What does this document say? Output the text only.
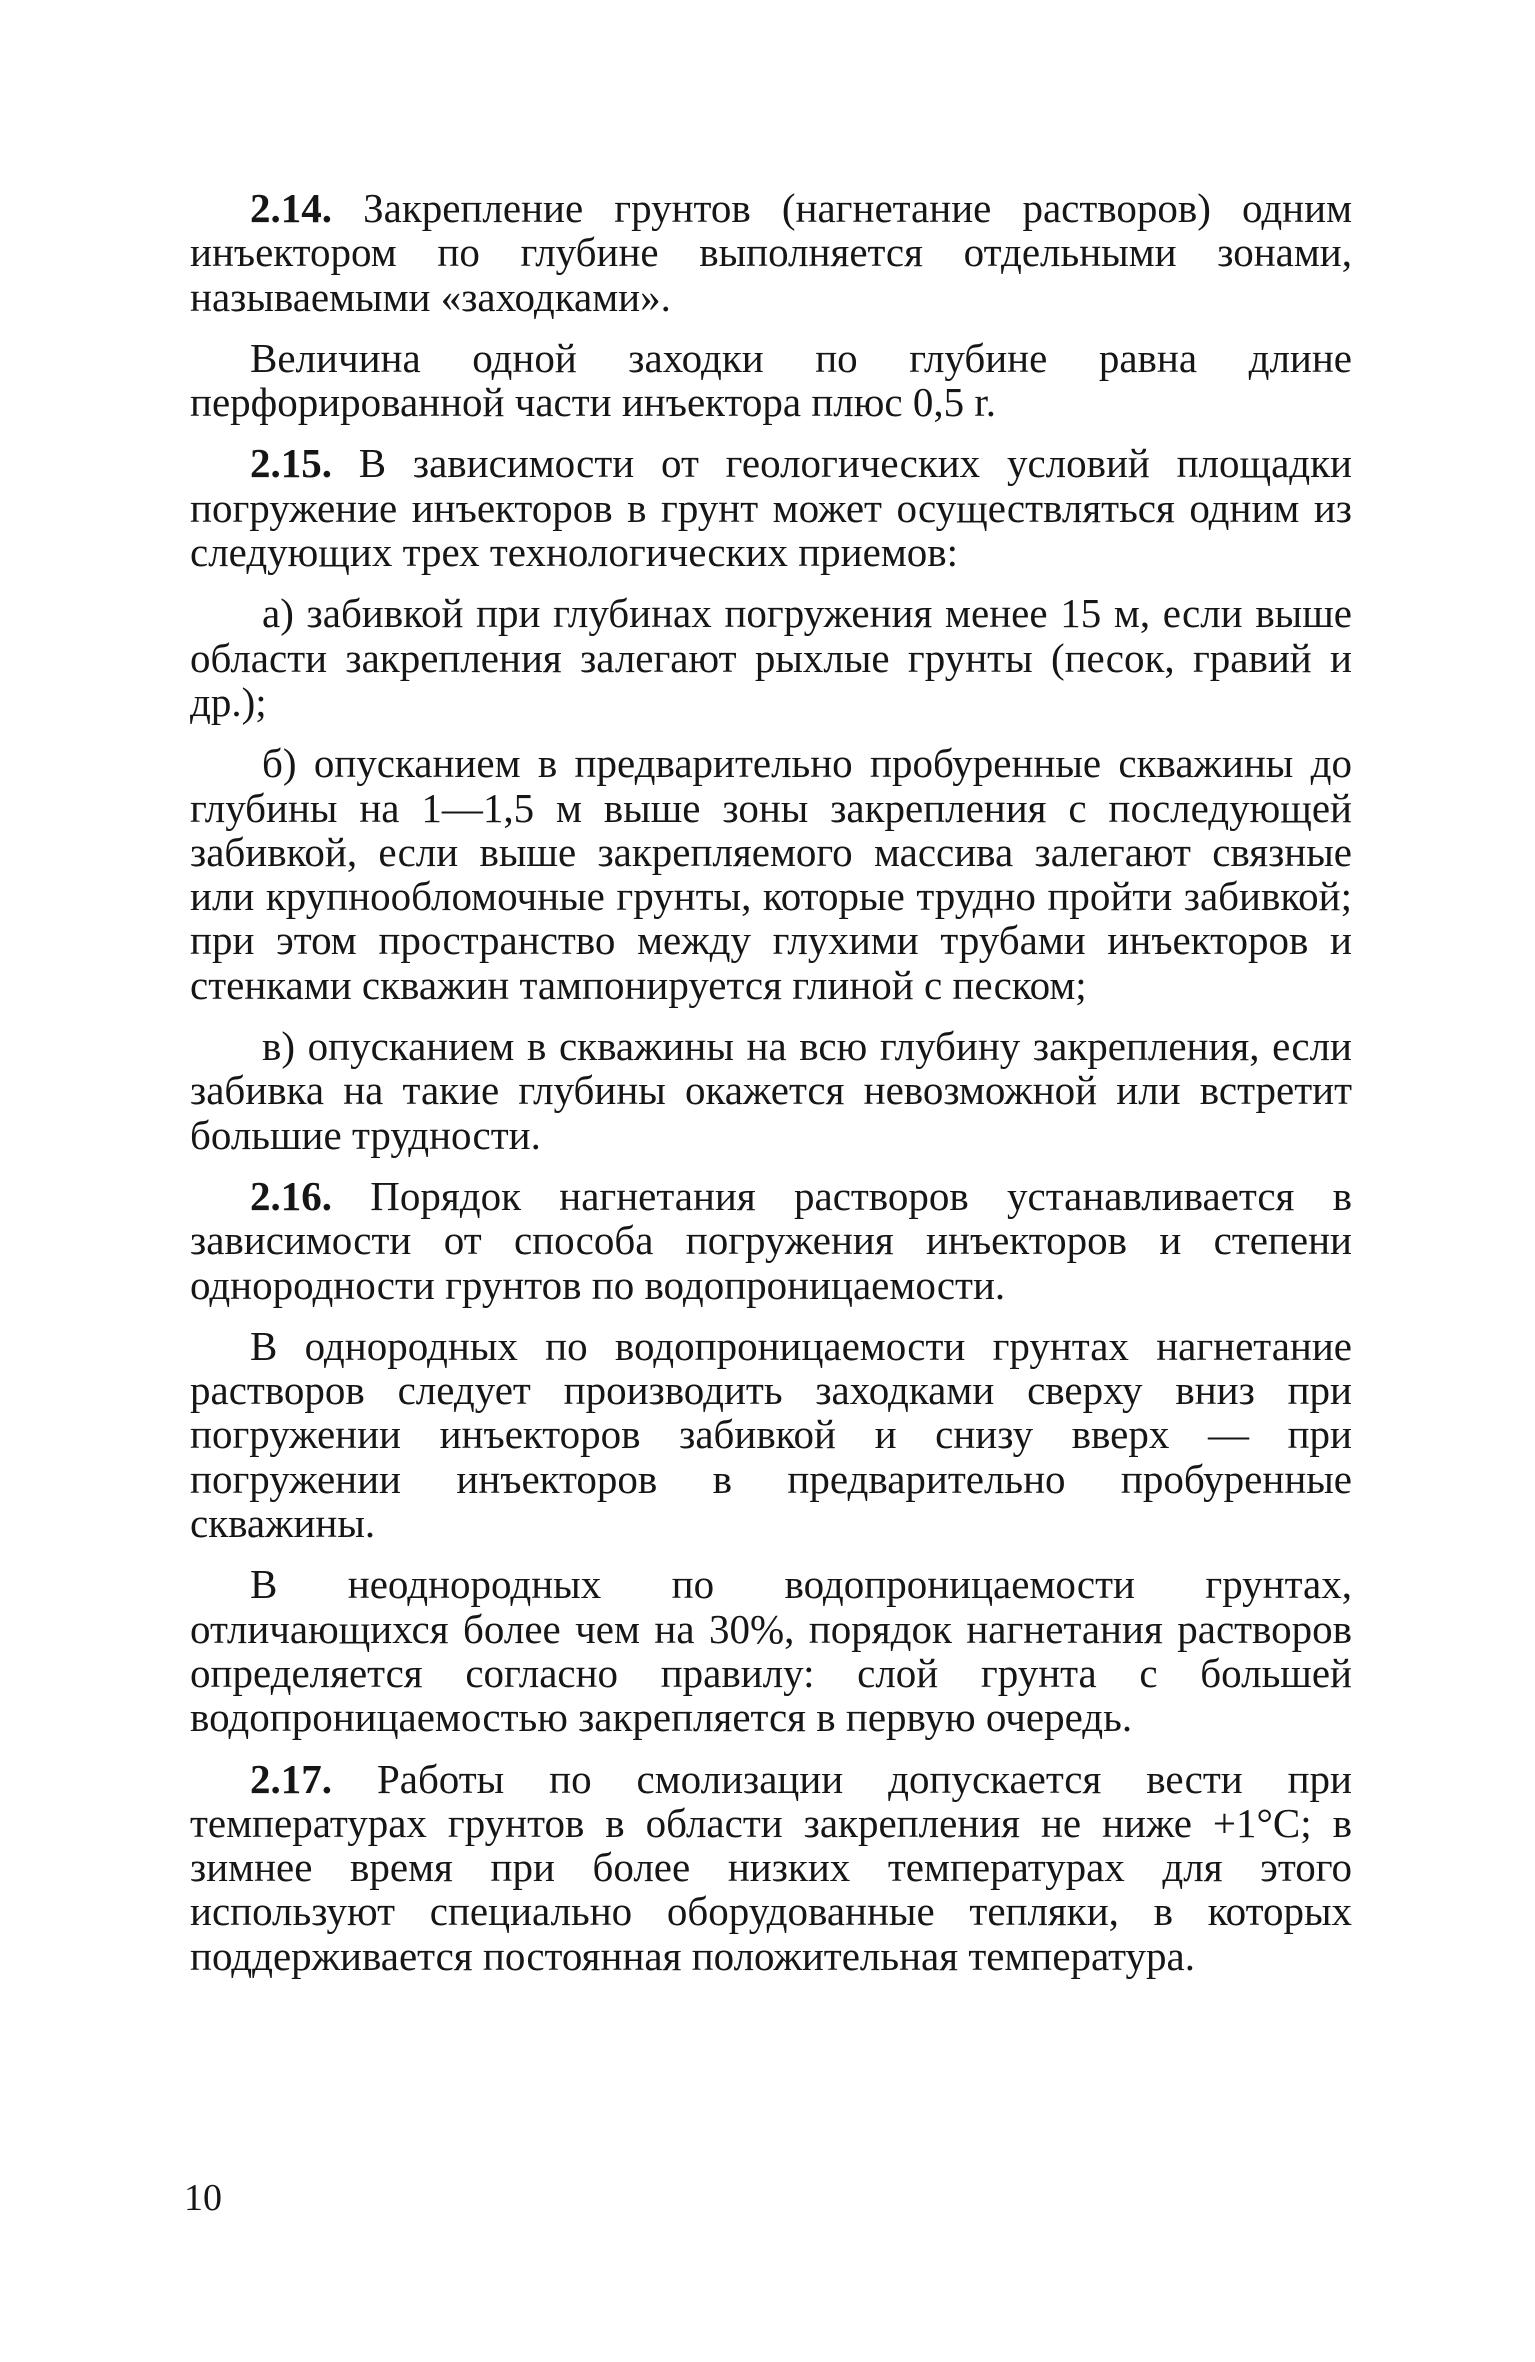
2.14. Закрепление грунтов (нагнетание растворов) одним инъектором по глубине выполняется отдельными зонами, называемыми «заходками».

Величина одной заходки по глубине равна длине перфорированной части инъектора плюс 0,5 r.

2.15. В зависимости от геологических условий площадки погружение инъекторов в грунт может осуществляться одним из следующих трех технологических приемов:

а) забивкой при глубинах погружения менее 15 м, если выше области закрепления залегают рыхлые грунты (песок, гравий и др.);

б) опусканием в предварительно пробуренные скважины до глубины на 1—1,5 м выше зоны закрепления с последующей забивкой, если выше закрепляемого массива залегают связные или крупнообломочные грунты, которые трудно пройти забивкой; при этом пространство между глухими трубами инъекторов и стенками скважин тампонируется глиной с песком;

в) опусканием в скважины на всю глубину закрепления, если забивка на такие глубины окажется невозможной или встретит большие трудности.

2.16. Порядок нагнетания растворов устанавливается в зависимости от способа погружения инъекторов и степени однородности грунтов по водопроницаемости.

В однородных по водопроницаемости грунтах нагнетание растворов следует производить заходками сверху вниз при погружении инъекторов забивкой и снизу вверх — при погружении инъекторов в предварительно пробуренные скважины.

В неоднородных по водопроницаемости грунтах, отличающихся более чем на 30%, порядок нагнетания растворов определяется согласно правилу: слой грунта с большей водопроницаемостью закрепляется в первую очередь.

2.17. Работы по смолизации допускается вести при температурах грунтов в области закрепления не ниже +1°С; в зимнее время при более низких температурах для этого используют специально оборудованные тепляки, в которых поддерживается постоянная положительная температура.

10
